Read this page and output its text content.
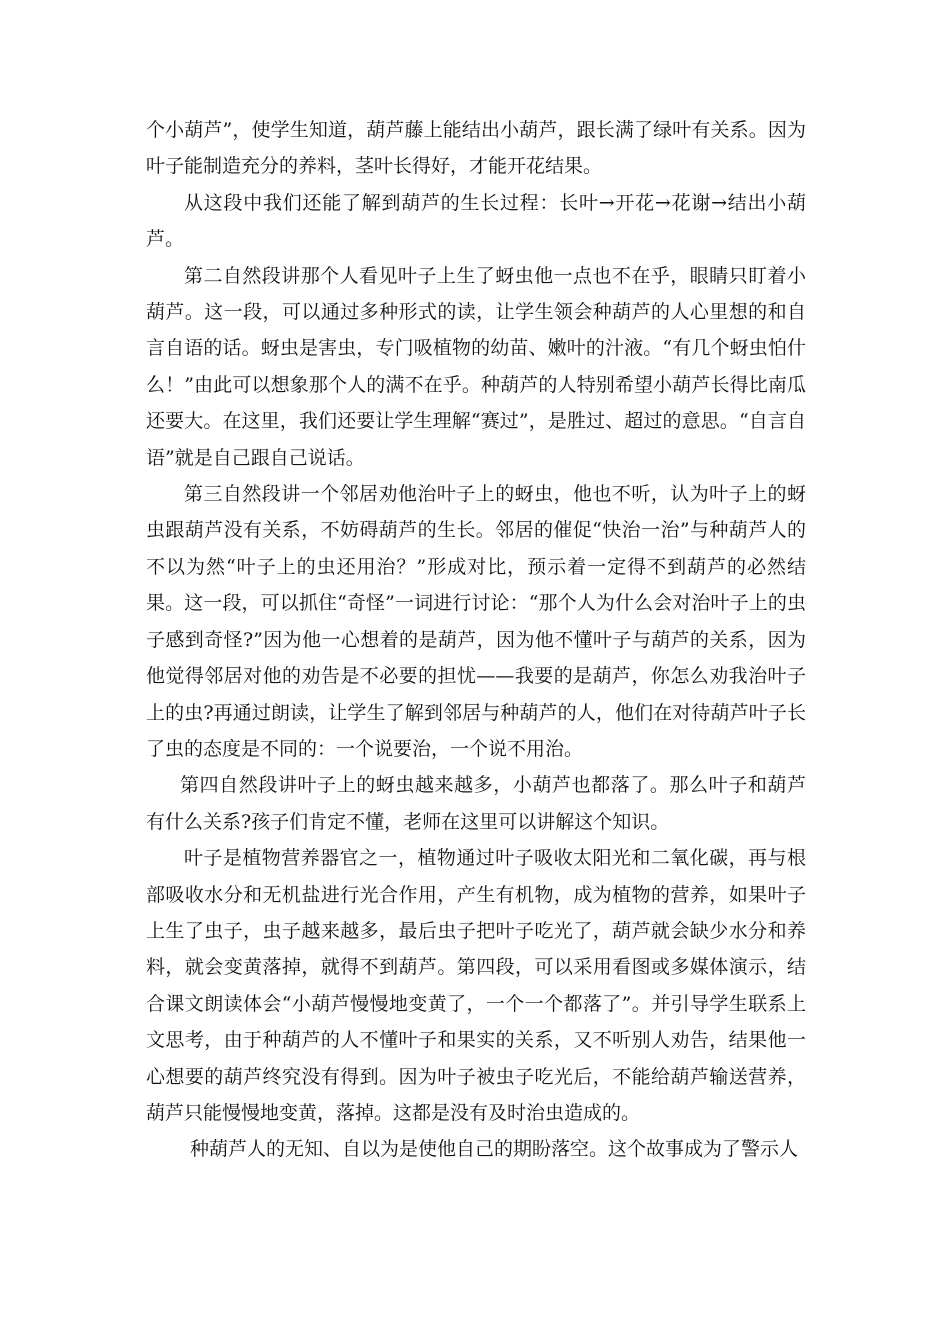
个小葫芦”，使学生知道，葫芦藤上能结出小葫芦，跟长满了绿叶有关系。因为叶子能制造充分的养料，茎叶长得好，才能开花结果。

从这段中我们还能了解到葫芦的生长过程：长叶→开花→花谢→结出小葫芦。

第二自然段讲那个人看见叶子上生了蚜虫他一点也不在乎，眼睛只盯着小葫芦。这一段，可以通过多种形式的读，让学生领会种葫芦的人心里想的和自言自语的话。蚜虫是害虫，专门吸植物的幼苗、嫩叶的汁液。“有几个蚜虫怕什么！”由此可以想象那个人的满不在乎。种葫芦的人特别希望小葫芦长得比南瓜还要大。在这里，我们还要让学生理解“赛过”，是胜过、超过的意思。“自言自语”就是自己跟自己说话。

第三自然段讲一个邻居劝他治叶子上的蚜虫，他也不听，认为叶子上的蚜虫跟葫芦没有关系，不妨碍葫芦的生长。邻居的催促“快治一治”与种葫芦人的不以为然“叶子上的虫还用治？”形成对比，预示着一定得不到葫芦的必然结果。这一段，可以抓住“奇怪”一词进行讨论：“那个人为什么会对治叶子上的虫子感到奇怪?”因为他一心想着的是葫芦，因为他不懂叶子与葫芦的关系，因为他觉得邻居对他的劝告是不必要的担忧——我要的是葫芦，你怎么劝我治叶子上的虫?再通过朗读，让学生了解到邻居与种葫芦的人，他们在对待葫芦叶子长了虫的态度是不同的：一个说要治，一个说不用治。

第四自然段讲叶子上的蚜虫越来越多，小葫芦也都落了。那么叶子和葫芦有什么关系?孩子们肯定不懂，老师在这里可以讲解这个知识。

叶子是植物营养器官之一，植物通过叶子吸收太阳光和二氧化碳，再与根部吸收水分和无机盐进行光合作用，产生有机物，成为植物的营养，如果叶子上生了虫子，虫子越来越多，最后虫子把叶子吃光了，葫芦就会缺少水分和养料，就会变黄落掉，就得不到葫芦。第四段，可以采用看图或多媒体演示，结合课文朗读体会“小葫芦慢慢地变黄了，一个一个都落了”。并引导学生联系上文思考，由于种葫芦的人不懂叶子和果实的关系，又不听别人劝告，结果他一心想要的葫芦终究没有得到。因为叶子被虫子吃光后，不能给葫芦输送营养，葫芦只能慢慢地变黄，落掉。这都是没有及时治虫造成的。

种葫芦人的无知、自以为是使他自己的期盼落空。这个故事成为了警示人
